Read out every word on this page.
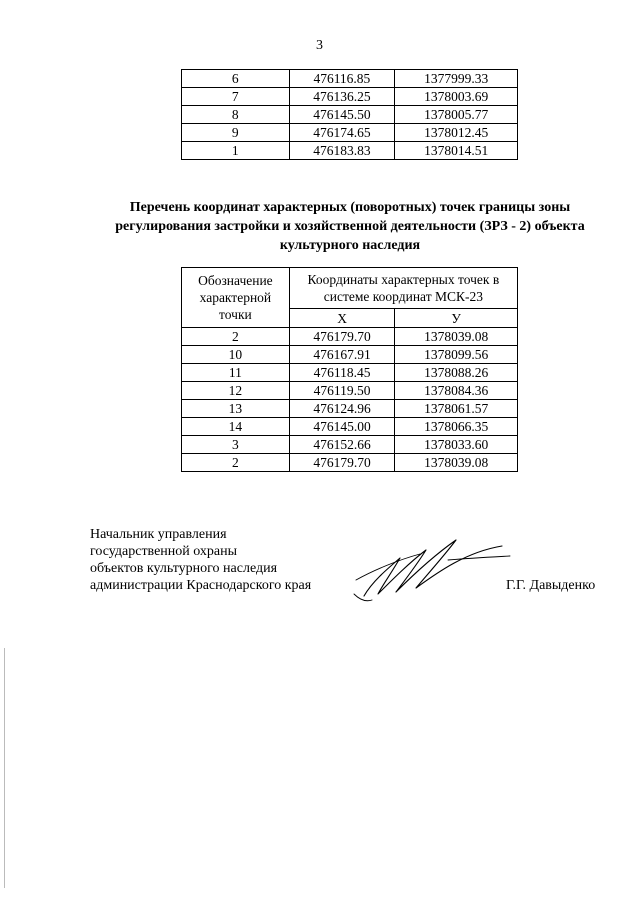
3
6	476116.85	1377999.33
7	476136.25	1378003.69
8	476145.50	1378005.77
9	476174.65	1378012.45
1	476183.83	1378014.51
Перечень координат характерных (поворотных) точек границы зоны регулирования застройки и хозяйственной деятельности (ЗРЗ - 2) объекта культурного наследия
Обозначение характерной точки	Координаты характерных точек в системе координат МСК-23	
	Х	У
2	476179.70	1378039.08
10	476167.91	1378099.56
11	476118.45	1378088.26
12	476119.50	1378084.36
13	476124.96	1378061.57
14	476145.00	1378066.35
3	476152.66	1378033.60
2	476179.70	1378039.08
Начальник управления
государственной охраны
объектов культурного наследия
администрации Краснодарского края	Г.Г. Давыденко
